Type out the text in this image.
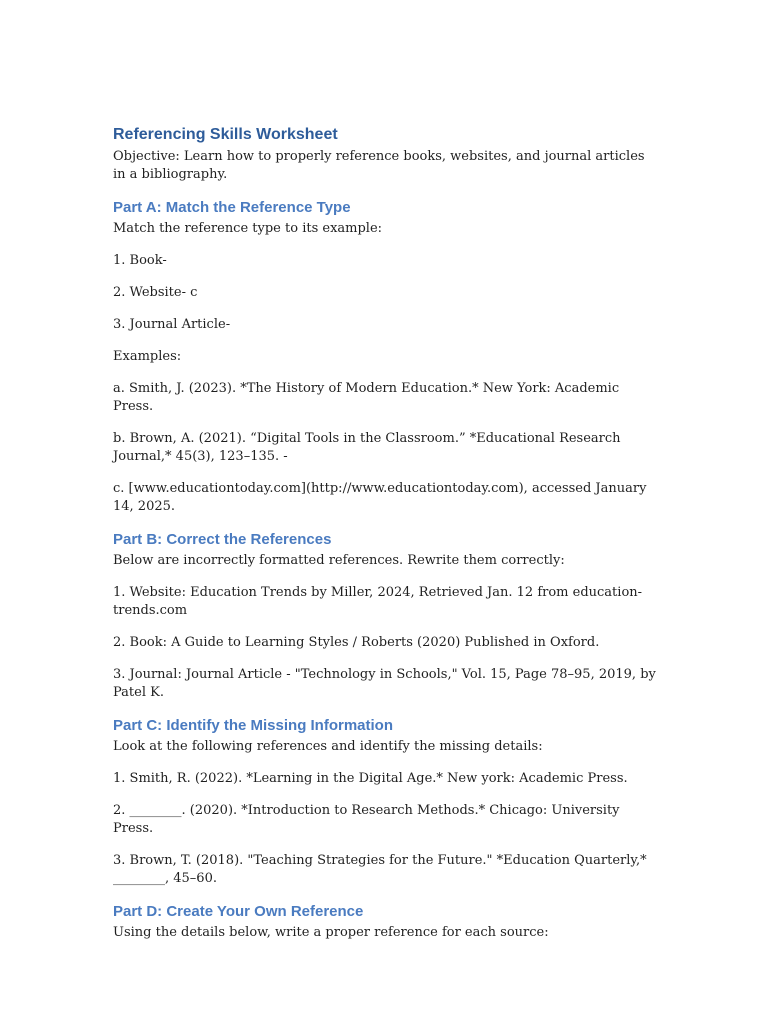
Referencing Skills Worksheet

Objective: Learn how to properly reference books, websites, and journal articles in a bibliography.

Part A: Match the Reference Type

Match the reference type to its example:

1. Book-

2. Website- c

3. Journal Article-

Examples:

a. Smith, J. (2023). *The History of Modern Education.* New York: Academic Press.

b. Brown, A. (2021). “Digital Tools in the Classroom.” *Educational Research Journal,* 45(3), 123–135. -

c. [www.educationtoday.com](http://www.educationtoday.com), accessed January 14, 2025.

Part B: Correct the References

Below are incorrectly formatted references. Rewrite them correctly:

1. Website: Education Trends by Miller, 2024, Retrieved Jan. 12 from education-trends.com

2. Book: A Guide to Learning Styles / Roberts (2020) Published in Oxford.

3. Journal: Journal Article - "Technology in Schools," Vol. 15, Page 78–95, 2019, by Patel K.

Part C: Identify the Missing Information

Look at the following references and identify the missing details:

1. Smith, R. (2022). *Learning in the Digital Age.* New york: Academic Press.

2. ________. (2020). *Introduction to Research Methods.* Chicago: University Press.

3. Brown, T. (2018). "Teaching Strategies for the Future." *Education Quarterly,* ________, 45–60.

Part D: Create Your Own Reference

Using the details below, write a proper reference for each source:
